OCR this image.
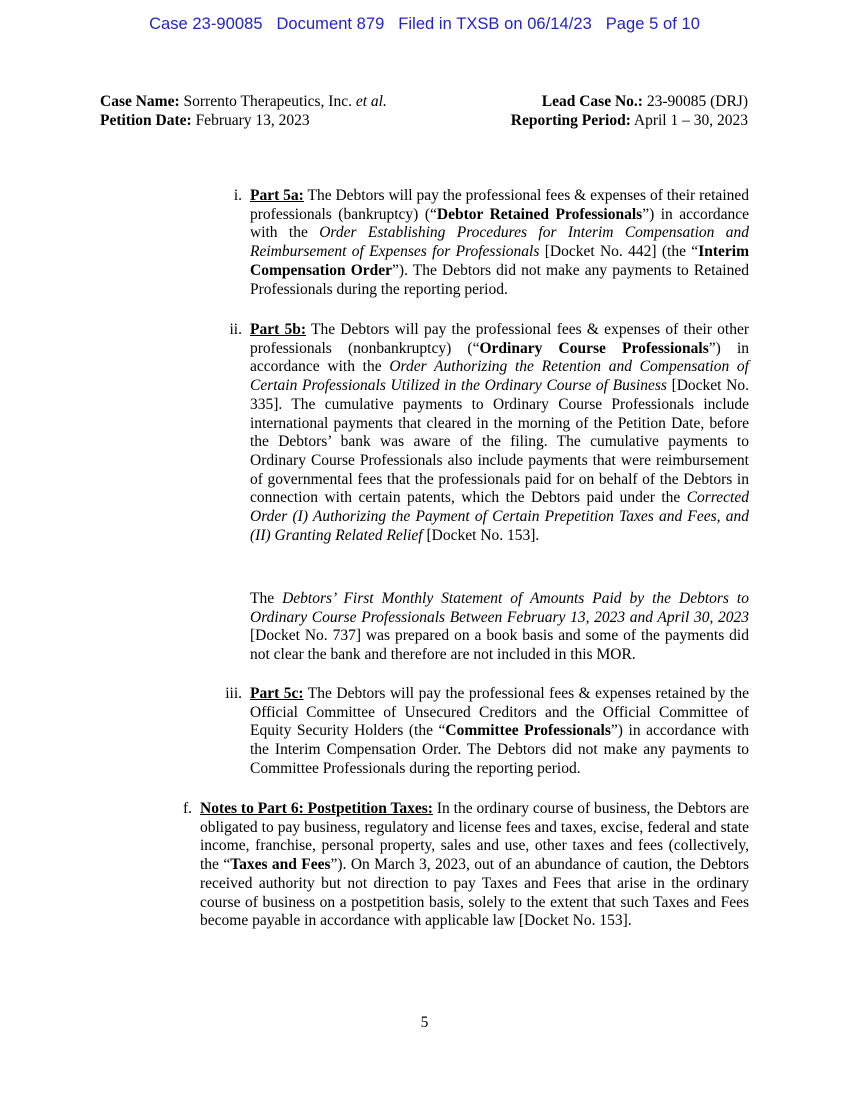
Case 23-90085   Document 879   Filed in TXSB on 06/14/23   Page 5 of 10
Case Name: Sorrento Therapeutics, Inc. et al.
Petition Date: February 13, 2023
Lead Case No.: 23-90085 (DRJ)
Reporting Period: April 1 – 30, 2023
i. Part 5a: The Debtors will pay the professional fees & expenses of their retained professionals (bankruptcy) (“Debtor Retained Professionals”) in accordance with the Order Establishing Procedures for Interim Compensation and Reimbursement of Expenses for Professionals [Docket No. 442] (the “Interim Compensation Order”). The Debtors did not make any payments to Retained Professionals during the reporting period.
ii. Part 5b: The Debtors will pay the professional fees & expenses of their other professionals (nonbankruptcy) (“Ordinary Course Professionals”) in accordance with the Order Authorizing the Retention and Compensation of Certain Professionals Utilized in the Ordinary Course of Business [Docket No. 335]. The cumulative payments to Ordinary Course Professionals include international payments that cleared in the morning of the Petition Date, before the Debtors’ bank was aware of the filing. The cumulative payments to Ordinary Course Professionals also include payments that were reimbursement of governmental fees that the professionals paid for on behalf of the Debtors in connection with certain patents, which the Debtors paid under the Corrected Order (I) Authorizing the Payment of Certain Prepetition Taxes and Fees, and (II) Granting Related Relief [Docket No. 153].
The Debtors’ First Monthly Statement of Amounts Paid by the Debtors to Ordinary Course Professionals Between February 13, 2023 and April 30, 2023 [Docket No. 737] was prepared on a book basis and some of the payments did not clear the bank and therefore are not included in this MOR.
iii. Part 5c: The Debtors will pay the professional fees & expenses retained by the Official Committee of Unsecured Creditors and the Official Committee of Equity Security Holders (the “Committee Professionals”) in accordance with the Interim Compensation Order. The Debtors did not make any payments to Committee Professionals during the reporting period.
f. Notes to Part 6: Postpetition Taxes: In the ordinary course of business, the Debtors are obligated to pay business, regulatory and license fees and taxes, excise, federal and state income, franchise, personal property, sales and use, other taxes and fees (collectively, the “Taxes and Fees”). On March 3, 2023, out of an abundance of caution, the Debtors received authority but not direction to pay Taxes and Fees that arise in the ordinary course of business on a postpetition basis, solely to the extent that such Taxes and Fees become payable in accordance with applicable law [Docket No. 153].
5
